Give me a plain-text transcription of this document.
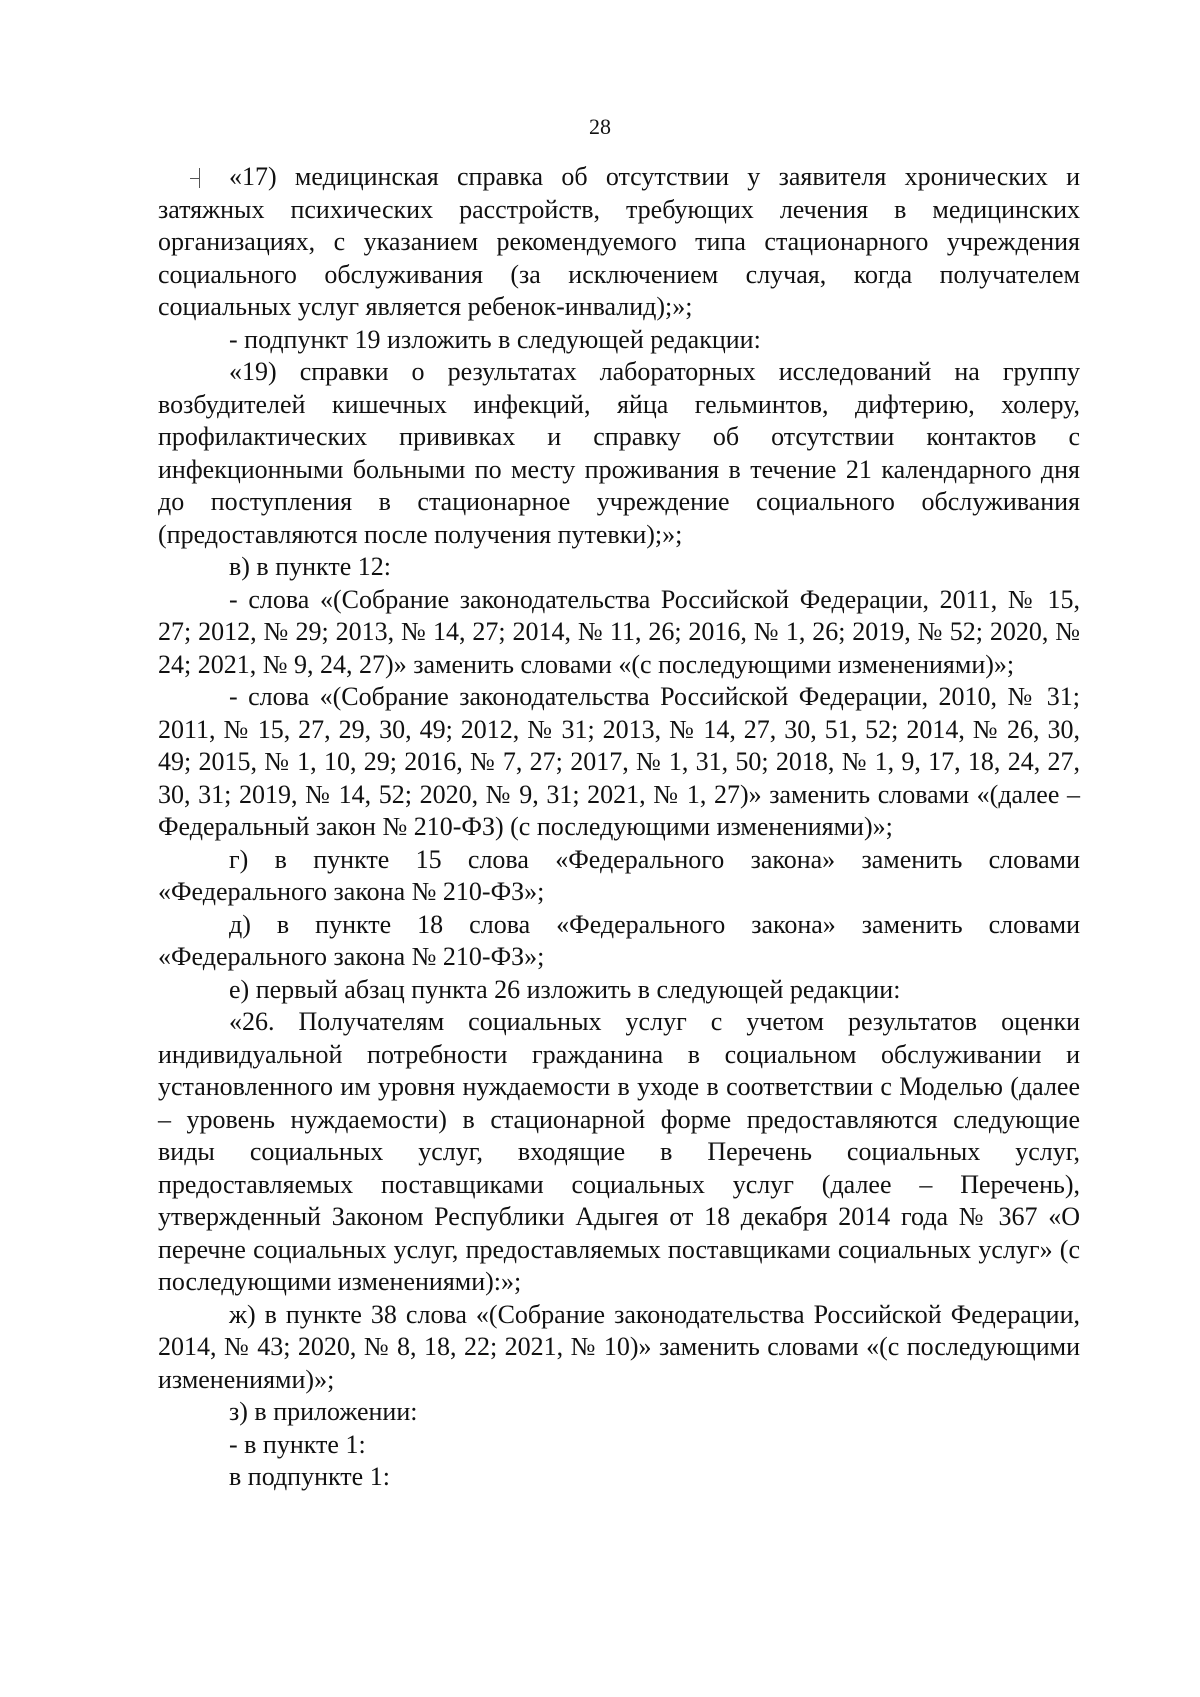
28

«17) медицинская справка об отсутствии у заявителя хронических и затяжных психических расстройств, требующих лечения в медицинских организациях, с указанием рекомендуемого типа стационарного учреждения социального обслуживания (за исключением случая, когда получателем социальных услуг является ребенок-инвалид);»;

- подпункт 19 изложить в следующей редакции:

«19) справки о результатах лабораторных исследований на группу возбудителей кишечных инфекций, яйца гельминтов, дифтерию, холеру, профилактических прививках и справку об отсутствии контактов с инфекционными больными по месту проживания в течение 21 календарного дня до поступления в стационарное учреждение социального обслуживания (предоставляются после получения путевки);»;

в) в пункте 12:

- слова «(Собрание законодательства Российской Федерации, 2011, № 15, 27; 2012, № 29; 2013, № 14, 27; 2014, № 11, 26; 2016, № 1, 26; 2019, № 52; 2020, № 24; 2021, № 9, 24, 27)» заменить словами «(с последующими изменениями)»;

- слова «(Собрание законодательства Российской Федерации, 2010, № 31; 2011, № 15, 27, 29, 30, 49; 2012, № 31; 2013, № 14, 27, 30, 51, 52; 2014, № 26, 30, 49; 2015, № 1, 10, 29; 2016, № 7, 27; 2017, № 1, 31, 50; 2018, № 1, 9, 17, 18, 24, 27, 30, 31; 2019, № 14, 52; 2020, № 9, 31; 2021, № 1, 27)» заменить словами «(далее – Федеральный закон № 210-ФЗ) (с последующими изменениями)»;

г) в пункте 15 слова «Федерального закона» заменить словами «Федерального закона № 210-ФЗ»;

д) в пункте 18 слова «Федерального закона» заменить словами «Федерального закона № 210-ФЗ»;

е) первый абзац пункта 26 изложить в следующей редакции:

«26. Получателям социальных услуг с учетом результатов оценки индивидуальной потребности гражданина в социальном обслуживании и установленного им уровня нуждаемости в уходе в соответствии с Моделью (далее – уровень нуждаемости) в стационарной форме предоставляются следующие виды социальных услуг, входящие в Перечень социальных услуг, предоставляемых поставщиками социальных услуг (далее – Перечень), утвержденный Законом Республики Адыгея от 18 декабря 2014 года № 367 «О перечне социальных услуг, предоставляемых поставщиками социальных услуг» (с последующими изменениями):»;

ж) в пункте 38 слова «(Собрание законодательства Российской Федерации, 2014, № 43; 2020, № 8, 18, 22; 2021, № 10)» заменить словами «(с последующими изменениями)»;

з) в приложении:

- в пункте 1:

в подпункте 1:
